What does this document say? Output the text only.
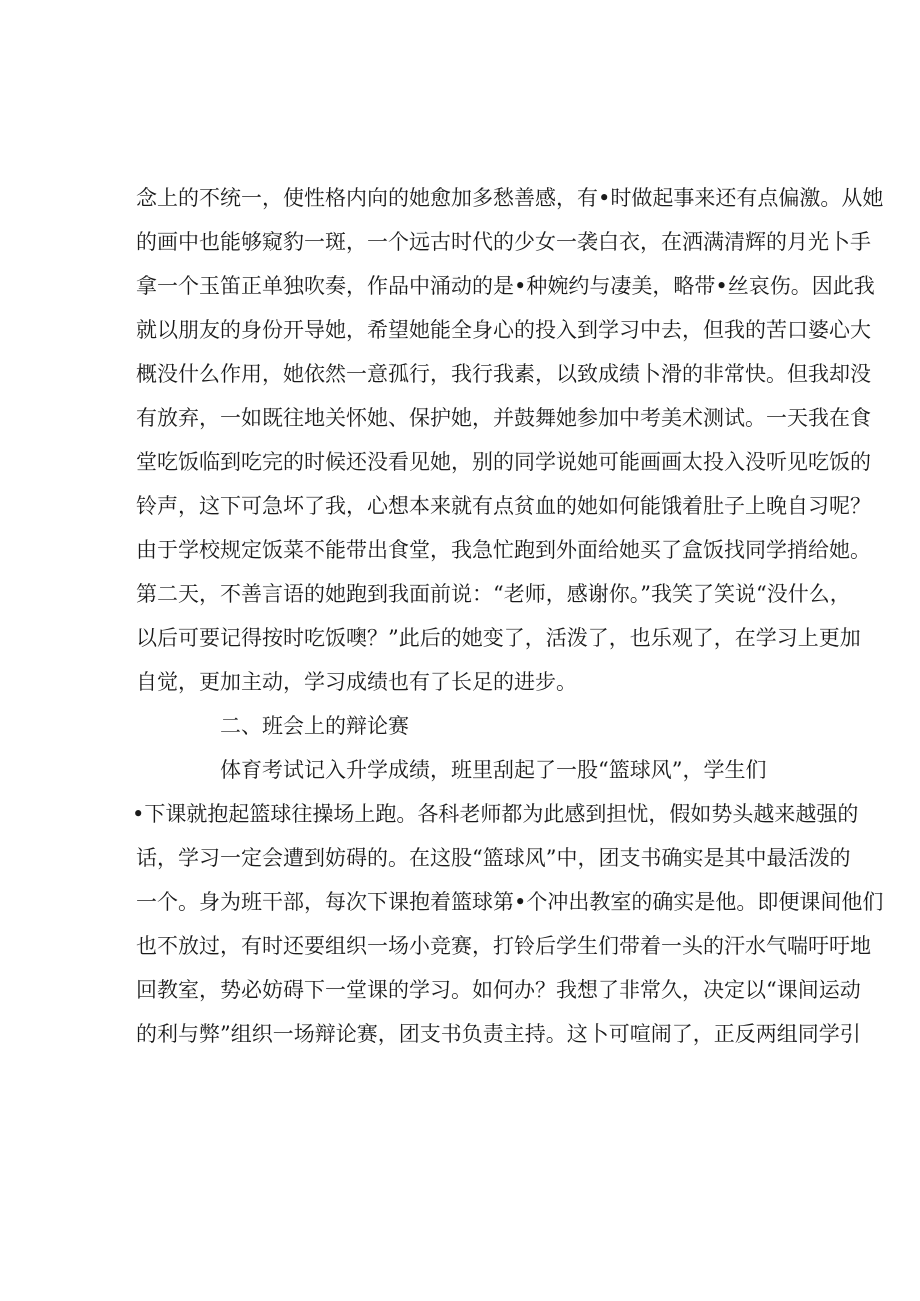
念上的不统一，使性格内向的她愈加多愁善感，有•时做起事来还有点偏激。从她
的画中也能够窥豹一斑，一个远古时代的少女一袭白衣，在洒满清辉的月光卜手
拿一个玉笛正单独吹奏，作品中涌动的是•种婉约与凄美，略带•丝哀伤。因此我
就以朋友的身份开导她，希望她能全身心的投入到学习中去，但我的苦口婆心大
概没什么作用，她依然一意孤行，我行我素，以致成绩卜滑的非常快。但我却没
有放弃，一如既往地关怀她、保护她，并鼓舞她参加中考美术测试。一天我在食
堂吃饭临到吃完的时候还没看见她，别的同学说她可能画画太投入没听见吃饭的
铃声，这下可急坏了我，心想本来就有点贫血的她如何能饿着肚子上晚自习呢？
由于学校规定饭菜不能带出食堂，我急忙跑到外面给她买了盒饭找同学捎给她。
第二天，不善言语的她跑到我面前说：“老师，感谢你。”我笑了笑说“没什么，
以后可要记得按时吃饭噢？”此后的她变了，活泼了，也乐观了，在学习上更加
自觉，更加主动，学习成绩也有了长足的进步。
二、班会上的辩论赛
体育考试记入升学成绩，班里刮起了一股“篮球风”，学生们
•下课就抱起篮球往操场上跑。各科老师都为此感到担忧，假如势头越来越强的
话，学习一定会遭到妨碍的。在这股“篮球风”中，团支书确实是其中最活泼的
一个。身为班干部，每次下课抱着篮球第•个冲出教室的确实是他。即便课间他们
也不放过，有时还要组织一场小竞赛，打铃后学生们带着一头的汗水气喘吁吁地
回教室，势必妨碍下一堂课的学习。如何办？我想了非常久，决定以“课间运动
的利与弊”组织一场辩论赛，团支书负责主持。这卜可喧闹了，正反两组同学引
